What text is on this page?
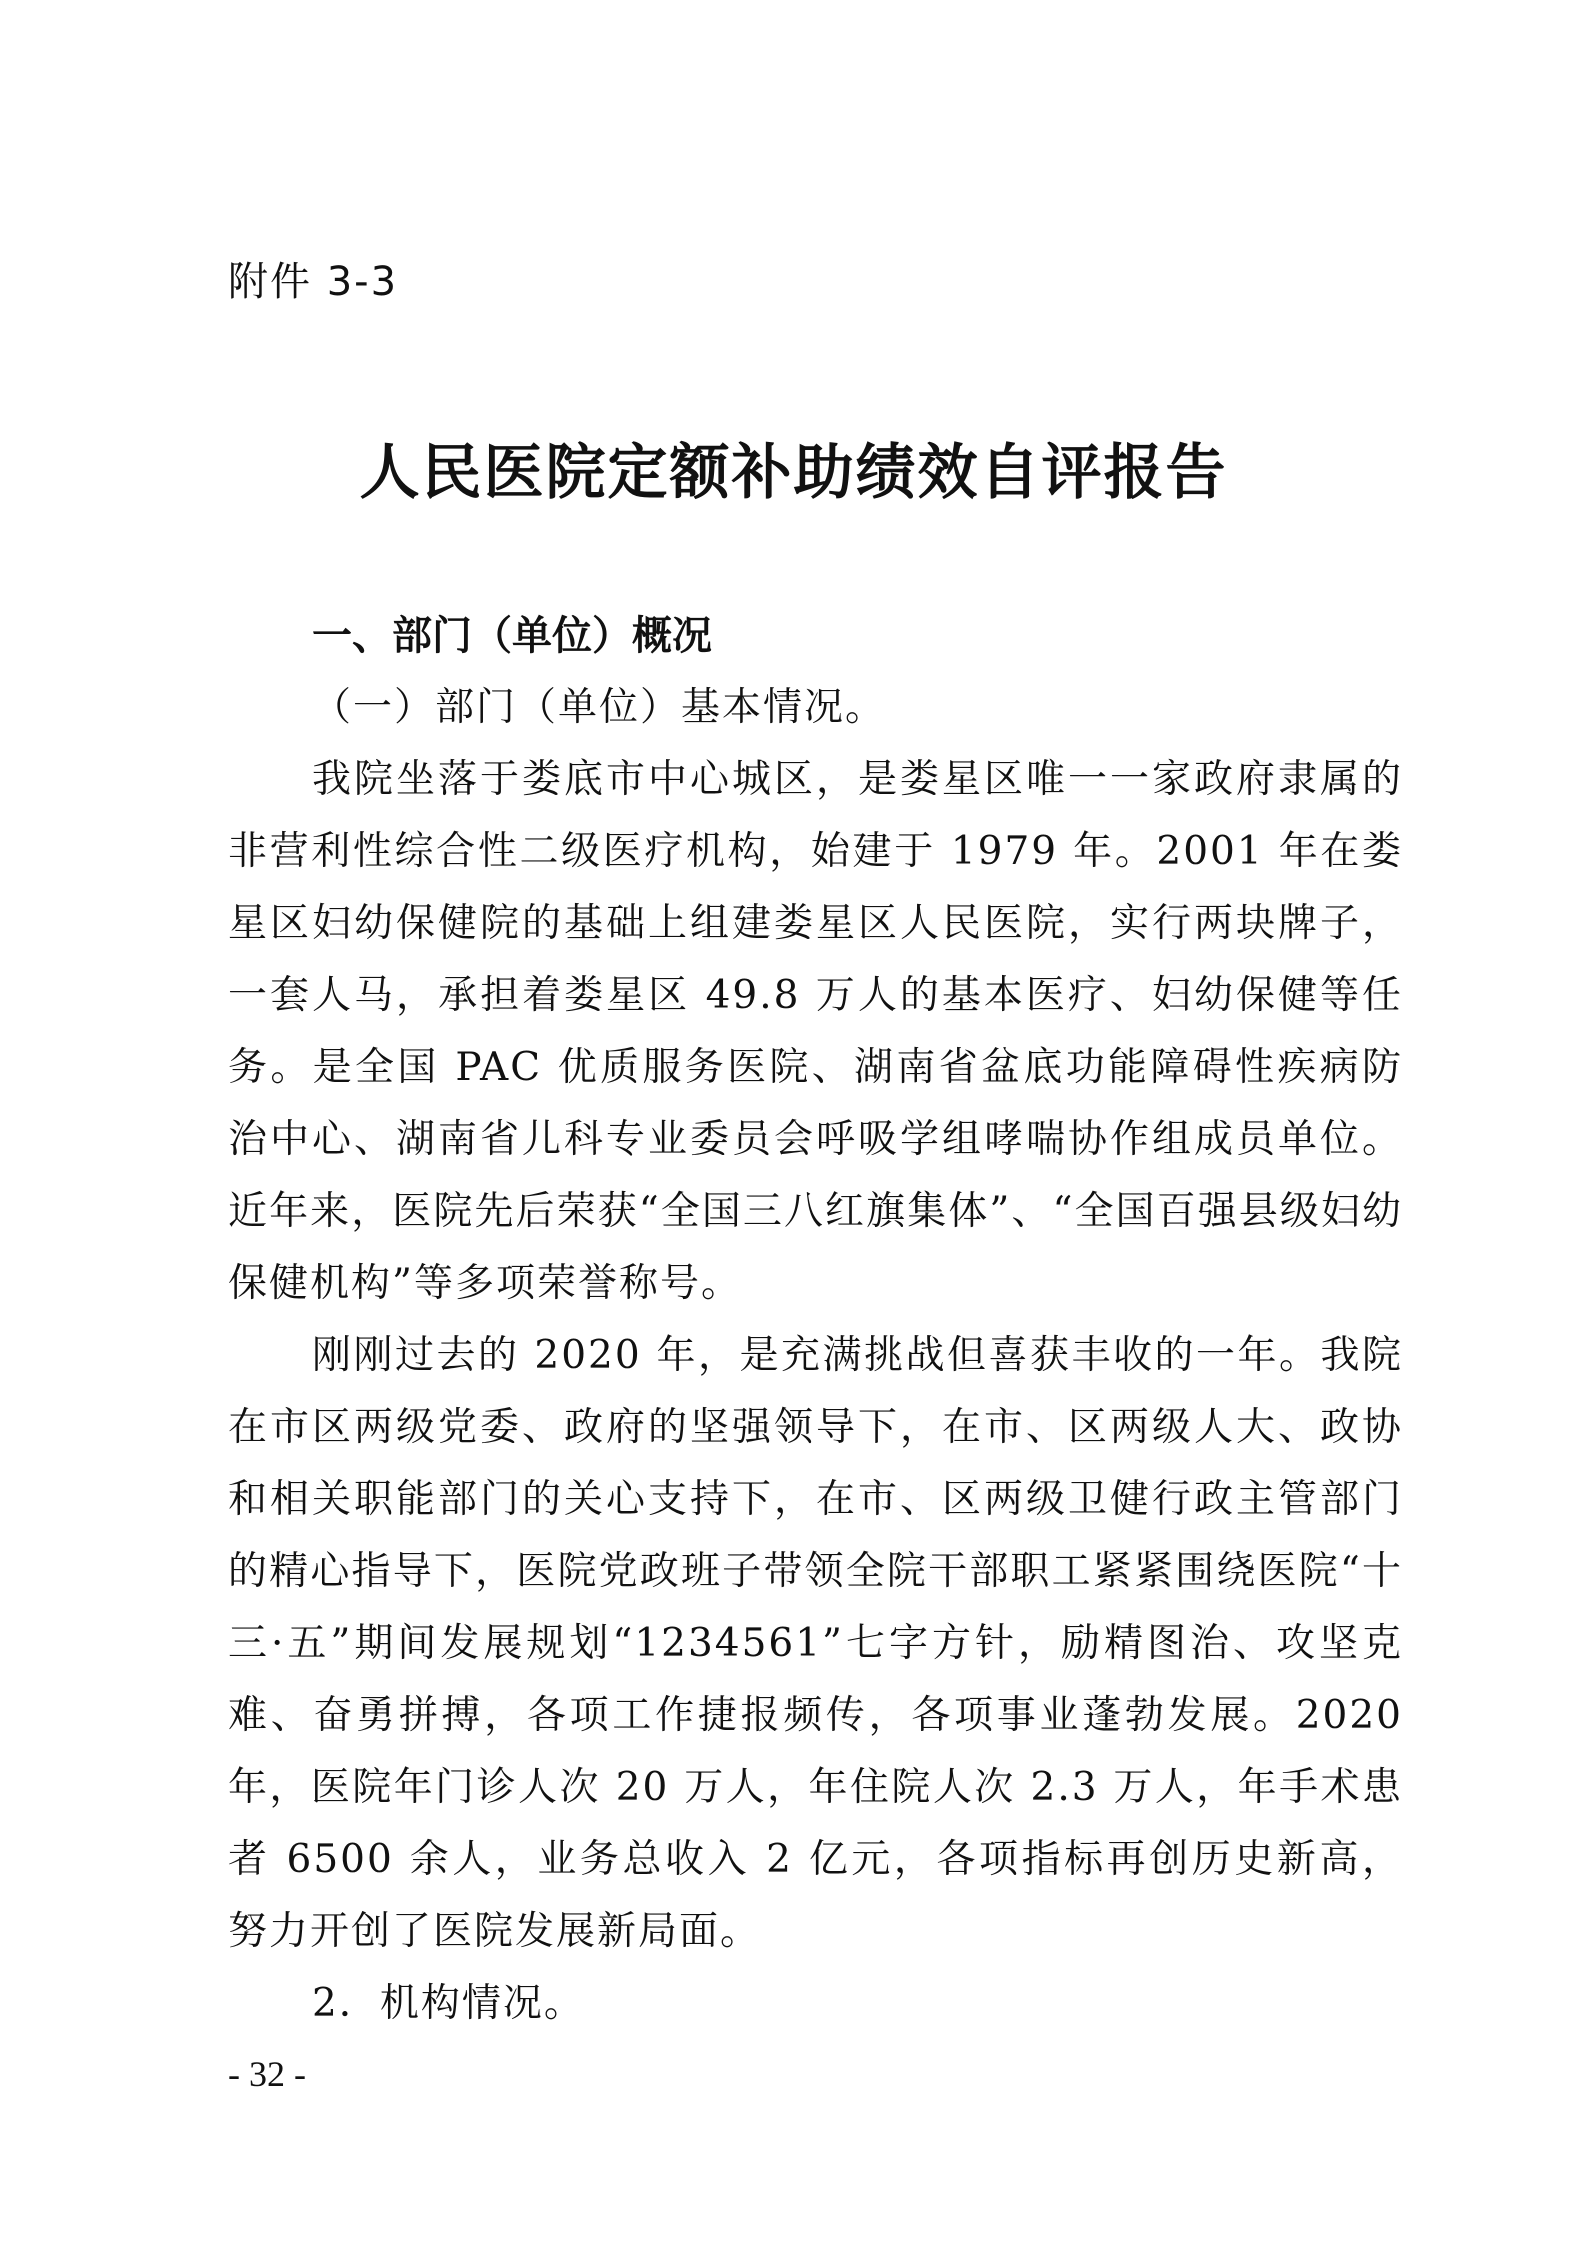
附件 3-3
人民医院定额补助绩效自评报告

一、部门（单位）概况

（一）部门（单位）基本情况。

我院坐落于娄底市中心城区，是娄星区唯一一家政府隶属的非营利性综合性二级医疗机构，始建于 1979 年。2001 年在娄星区妇幼保健院的基础上组建娄星区人民医院，实行两块牌子，一套人马，承担着娄星区 49.8 万人的基本医疗、妇幼保健等任务。是全国 PAC 优质服务医院、湖南省盆底功能障碍性疾病防治中心、湖南省儿科专业委员会呼吸学组哮喘协作组成员单位。近年来，医院先后荣获“全国三八红旗集体”、“全国百强县级妇幼保健机构”等多项荣誉称号。

刚刚过去的 2020 年，是充满挑战但喜获丰收的一年。我院在市区两级党委、政府的坚强领导下，在市、区两级人大、政协和相关职能部门的关心支持下，在市、区两级卫健行政主管部门的精心指导下，医院党政班子带领全院干部职工紧紧围绕医院“十三·五”期间发展规划“1234561”七字方针，励精图治、攻坚克难、奋勇拼搏，各项工作捷报频传，各项事业蓬勃发展。2020 年，医院年门诊人次 20 万人，年住院人次 2.3 万人，年手术患者 6500 余人，业务总收入 2 亿元，各项指标再创历史新高，努力开创了医院发展新局面。

2．机构情况。

- 32 -
